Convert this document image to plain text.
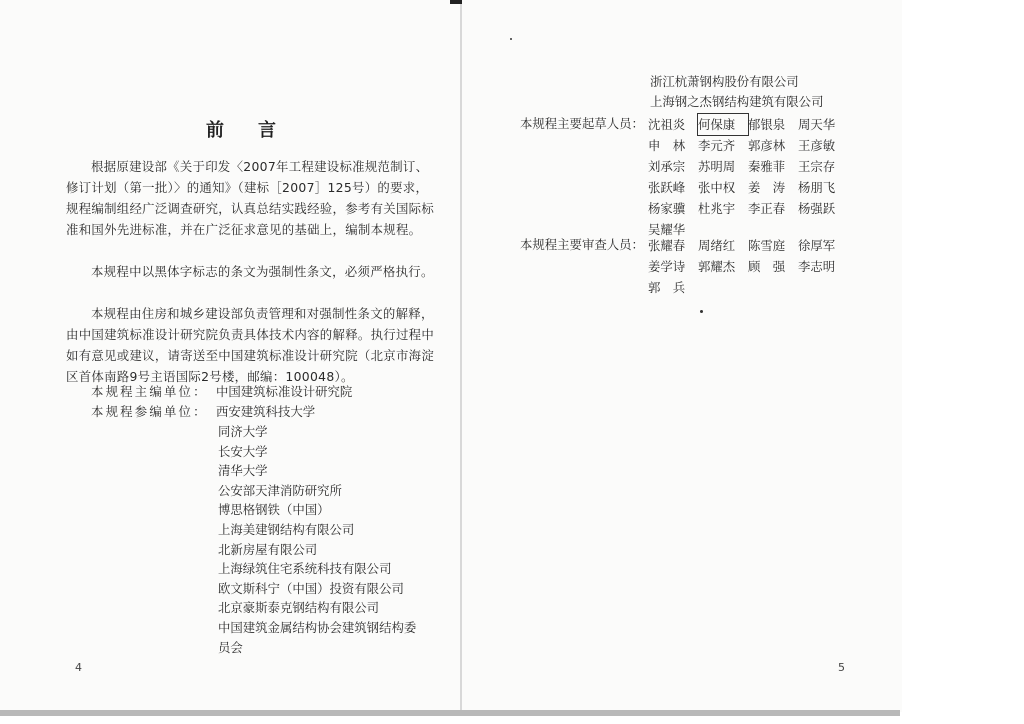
前言

根据原建设部《关于印发〈2007年工程建设标准规范制订、修订计划（第一批）〉的通知》（建标［2007］125号）的要求，规程编制组经广泛调查研究，认真总结实践经验，参考有关国际标准和国外先进标准，并在广泛征求意见的基础上，编制本规程。

本规程中以黑体字标志的条文为强制性条文，必须严格执行。

本规程由住房和城乡建设部负责管理和对强制性条文的解释，由中国建筑标准设计研究院负责具体技术内容的解释。执行过程中如有意见或建议，请寄送至中国建筑标准设计研究院（北京市海淀区首体南路9号主语国际2号楼，邮编：100048）。

本规程主编单位： 中国建筑标准设计研究院
本规程参编单位： 西安建筑科技大学
同济大学
长安大学
清华大学
公安部天津消防研究所
博思格钢铁（中国）
上海美建钢结构有限公司
北新房屋有限公司
上海绿筑住宅系统科技有限公司
欧文斯科宁（中国）投资有限公司
北京豪斯泰克钢结构有限公司
中国建筑金属结构协会建筑钢结构委员会
4
浙江杭萧钢构股份有限公司
上海钢之杰钢结构建筑有限公司
本规程主要起草人员： 沈祖炎	何保康	郁银泉	周天华
申　林	李元齐	郭彦林	王彦敏
刘承宗	苏明周	秦雅菲	王宗存
张跃峰	张中权	姜　涛	杨朋飞
杨家骥	杜兆宇	李正春	杨强跃
吴耀华
本规程主要审查人员： 张耀春	周绪红	陈雪庭	徐厚军
姜学诗	郭耀杰	顾　强	李志明
郭　兵
5
